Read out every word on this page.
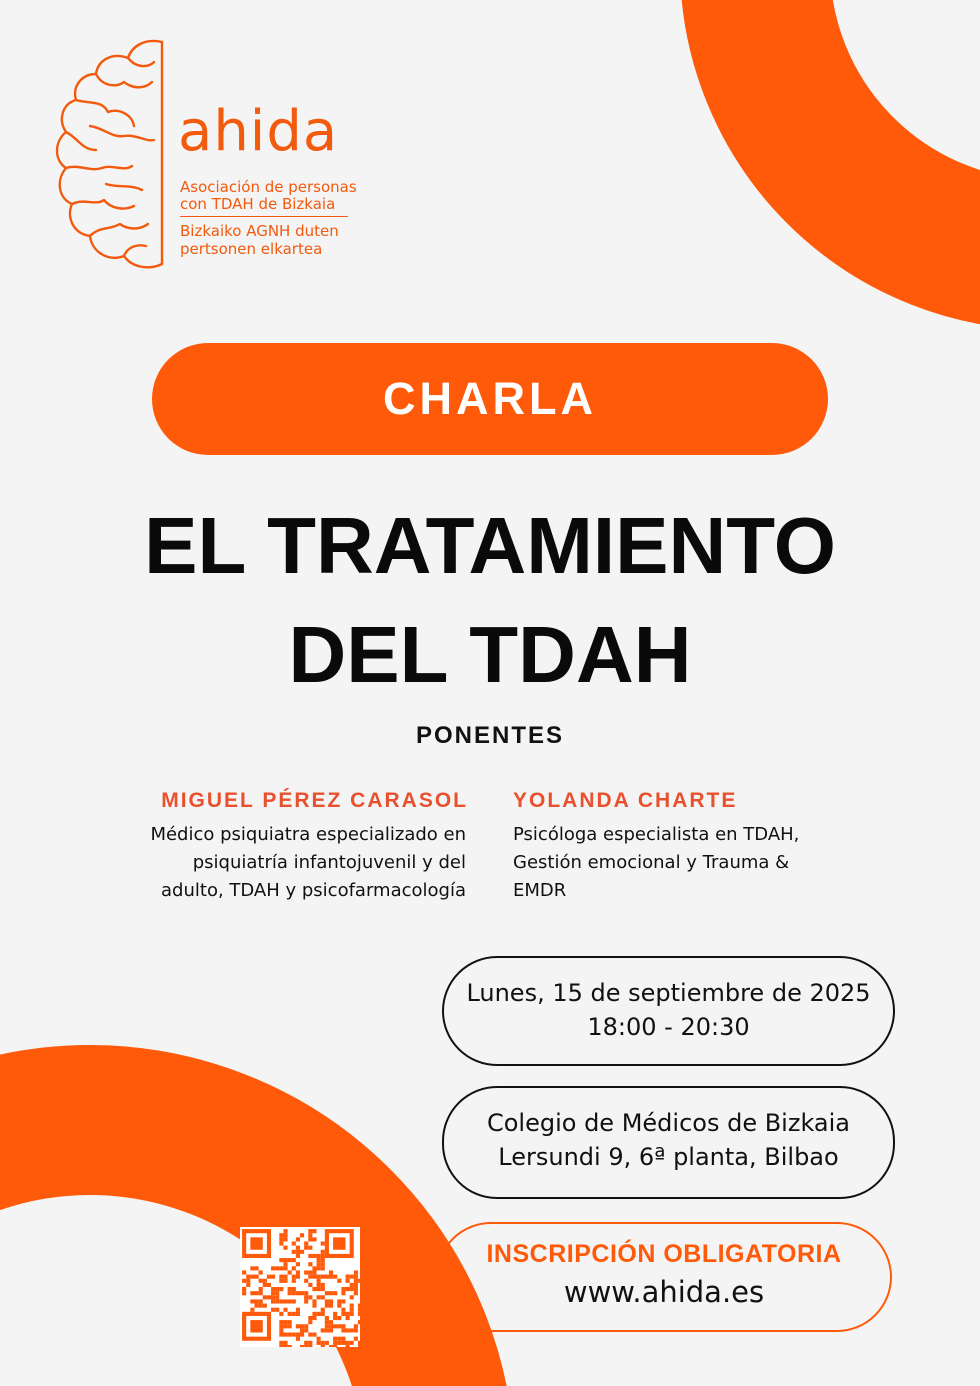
ahida
Asociación de personas
con TDAH de Bizkaia
Bizkaiko AGNH duten
pertsonen elkartea
CHARLA
EL TRATAMIENTO
DEL TDAH
PONENTES
MIGUEL PÉREZ CARASOL
Médico psiquiatra especializado en
psiquiatría infantojuvenil y del
adulto, TDAH y psicofarmacología
YOLANDA CHARTE
Psicóloga especialista en TDAH,
Gestión emocional y Trauma &
EMDR
Lunes, 15 de septiembre de 2025
18:00 - 20:30
Colegio de Médicos de Bizkaia
Lersundi 9, 6ª planta, Bilbao
INSCRIPCIÓN OBLIGATORIA
www.ahida.es
